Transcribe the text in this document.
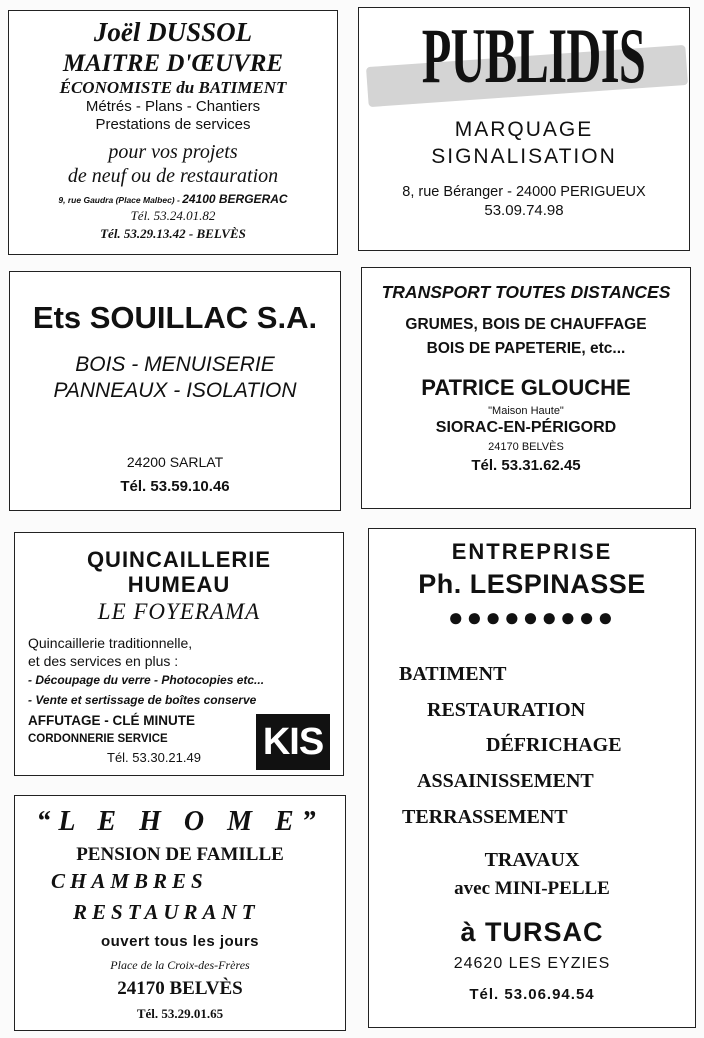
Joël DUSSOL
MAITRE D'ŒUVRE
ÉCONOMISTE du BATIMENT
Métrés - Plans - Chantiers
Prestations de services
pour vos projets
de neuf ou de restauration
9, rue Gaudra (Place Malbec) - 24100 BERGERAC
Tél. 53.24.01.82
Tél. 53.29.13.42 - BELVÈS
PUBLIDIS
MARQUAGE
SIGNALISATION
8, rue Béranger - 24000 PERIGUEUX
53.09.74.98
Ets SOUILLAC S.A.
BOIS - MENUISERIE
PANNEAUX - ISOLATION
24200 SARLAT
Tél. 53.59.10.46
TRANSPORT TOUTES DISTANCES
GRUMES, BOIS DE CHAUFFAGE
BOIS DE PAPETERIE, etc...
PATRICE GLOUCHE
"Maison Haute"
SIORAC-EN-PÉRIGORD
24170 BELVÈS
Tél. 53.31.62.45
QUINCAILLERIE
HUMEAU
LE FOYERAMA
Quincaillerie traditionnelle,
et des services en plus :
- Découpage du verre - Photocopies etc...
- Vente et sertissage de boîtes conserve
AFFUTAGE - CLÉ MINUTE
CORDONNERIE SERVICE
Tél. 53.30.21.49 KIS
ENTREPRISE
Ph. LESPINASSE
●●●●●●●●●
BATIMENT
RESTAURATION
DÉFRICHAGE
ASSAINISSEMENT
TERRASSEMENT
TRAVAUX
avec MINI-PELLE
à TURSAC
24620 LES EYZIES
Tél. 53.06.94.54
“L E H O M E”
PENSION DE FAMILLE
CHAMBRES
RESTAURANT
ouvert tous les jours
Place de la Croix-des-Frères
24170 BELVÈS
Tél. 53.29.01.65
